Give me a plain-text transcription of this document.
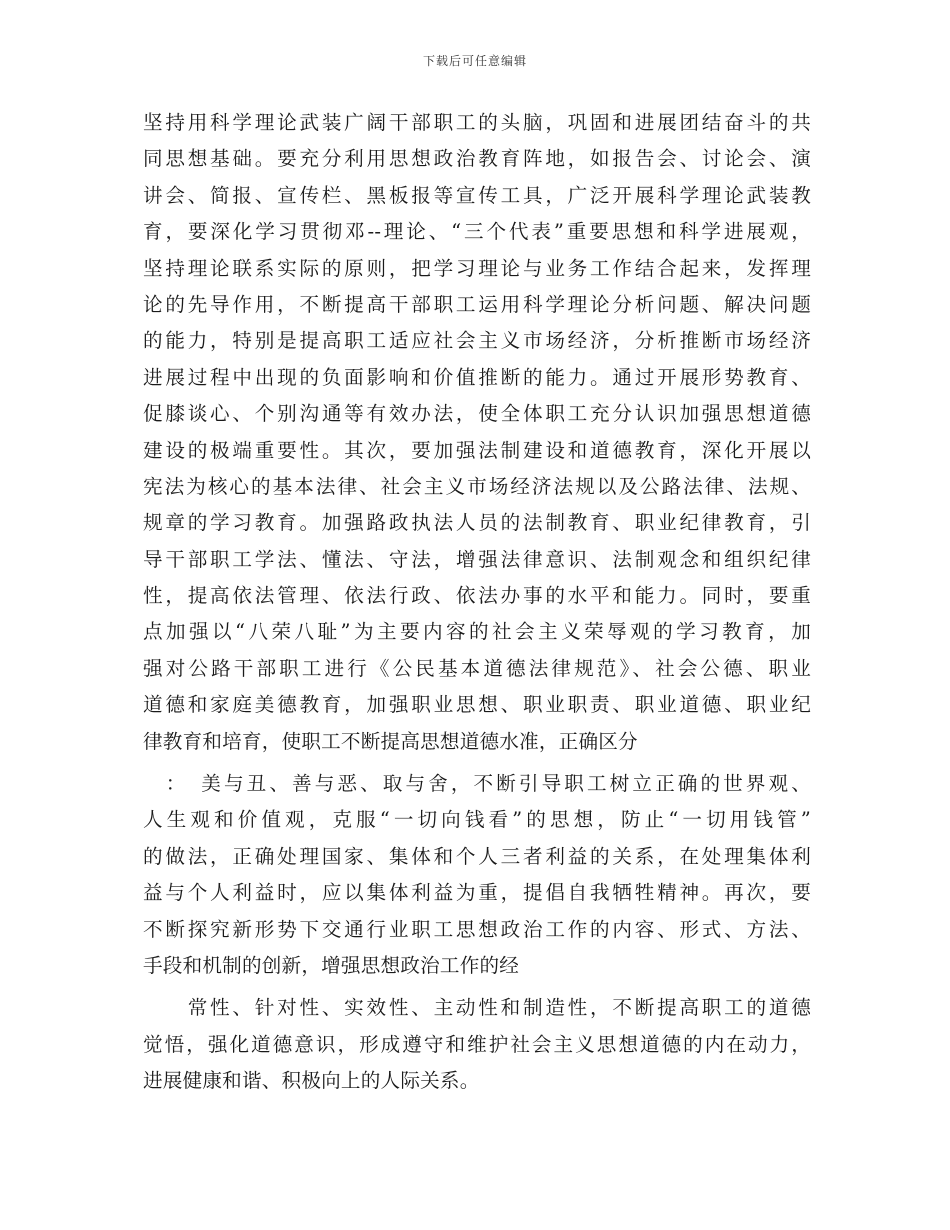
下载后可任意编辑
坚持用科学理论武装广阔干部职工的头脑，巩固和进展团结奋斗的共
同思想基础。要充分利用思想政治教育阵地，如报告会、讨论会、演
讲会、简报、宣传栏、黑板报等宣传工具，广泛开展科学理论武装教
育，要深化学习贯彻邓--理论、“三个代表”重要思想和科学进展观，
坚持理论联系实际的原则，把学习理论与业务工作结合起来，发挥理
论的先导作用，不断提高干部职工运用科学理论分析问题、解决问题
的能力，特别是提高职工适应社会主义市场经济，分析推断市场经济
进展过程中出现的负面影响和价值推断的能力。通过开展形势教育、
促膝谈心、个别沟通等有效办法，使全体职工充分认识加强思想道德
建设的极端重要性。其次，要加强法制建设和道德教育，深化开展以
宪法为核心的基本法律、社会主义市场经济法规以及公路法律、法规、
规章的学习教育。加强路政执法人员的法制教育、职业纪律教育，引
导干部职工学法、懂法、守法，增强法律意识、法制观念和组织纪律
性，提高依法管理、依法行政、依法办事的水平和能力。同时，要重
点加强以“八荣八耻”为主要内容的社会主义荣辱观的学习教育，加
强对公路干部职工进行《公民基本道德法律规范》、社会公德、职业
道德和家庭美德教育，加强职业思想、职业职责、职业道德、职业纪
律教育和培育，使职工不断提高思想道德水准，正确区分
　：　美与丑、善与恶、取与舍，不断引导职工树立正确的世界观、
人生观和价值观，克服“一切向钱看”的思想，防止“一切用钱管”
的做法，正确处理国家、集体和个人三者利益的关系，在处理集体利
益与个人利益时，应以集体利益为重，提倡自我牺牲精神。再次，要
不断探究新形势下交通行业职工思想政治工作的内容、形式、方法、
手段和机制的创新，增强思想政治工作的经
　　常性、针对性、实效性、主动性和制造性，不断提高职工的道德
觉悟，强化道德意识，形成遵守和维护社会主义思想道德的内在动力，
进展健康和谐、积极向上的人际关系。
